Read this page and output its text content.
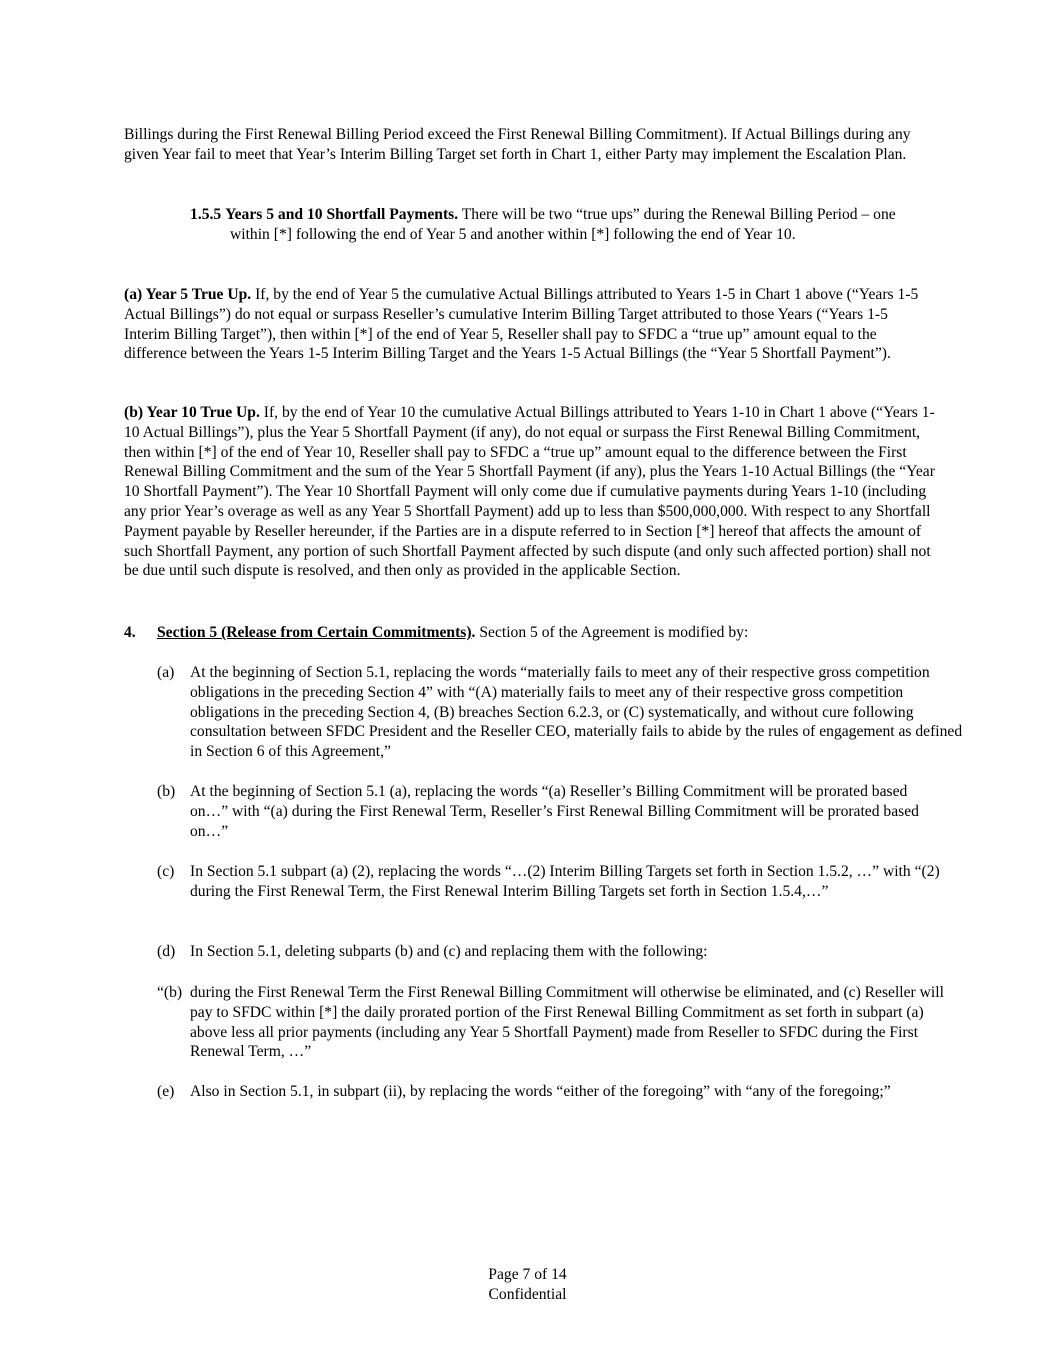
Billings during the First Renewal Billing Period exceed the First Renewal Billing Commitment). If Actual Billings during any given Year fail to meet that Year’s Interim Billing Target set forth in Chart 1, either Party may implement the Escalation Plan.

1.5.5 Years 5 and 10 Shortfall Payments. There will be two “true ups” during the Renewal Billing Period – one within [*] following the end of Year 5 and another within [*] following the end of Year 10.

(a) Year 5 True Up. If, by the end of Year 5 the cumulative Actual Billings attributed to Years 1-5 in Chart 1 above (“Years 1-5 Actual Billings”) do not equal or surpass Reseller’s cumulative Interim Billing Target attributed to those Years (“Years 1-5 Interim Billing Target”), then within [*] of the end of Year 5, Reseller shall pay to SFDC a “true up” amount equal to the difference between the Years 1-5 Interim Billing Target and the Years 1-5 Actual Billings (the “Year 5 Shortfall Payment”).

(b) Year 10 True Up. If, by the end of Year 10 the cumulative Actual Billings attributed to Years 1-10 in Chart 1 above (“Years 1-10 Actual Billings”), plus the Year 5 Shortfall Payment (if any), do not equal or surpass the First Renewal Billing Commitment, then within [*] of the end of Year 10, Reseller shall pay to SFDC a “true up” amount equal to the difference between the First Renewal Billing Commitment and the sum of the Year 5 Shortfall Payment (if any), plus the Years 1-10 Actual Billings (the “Year 10 Shortfall Payment”). The Year 10 Shortfall Payment will only come due if cumulative payments during Years 1-10 (including any prior Year’s overage as well as any Year 5 Shortfall Payment) add up to less than $500,000,000. With respect to any Shortfall Payment payable by Reseller hereunder, if the Parties are in a dispute referred to in Section [*] hereof that affects the amount of such Shortfall Payment, any portion of such Shortfall Payment affected by such dispute (and only such affected portion) shall not be due until such dispute is resolved, and then only as provided in the applicable Section.

4. Section 5 (Release from Certain Commitments). Section 5 of the Agreement is modified by:

(a) At the beginning of Section 5.1, replacing the words “materially fails to meet any of their respective gross competition obligations in the preceding Section 4” with “(A) materially fails to meet any of their respective gross competition obligations in the preceding Section 4, (B) breaches Section 6.2.3, or (C) systematically, and without cure following consultation between SFDC President and the Reseller CEO, materially fails to abide by the rules of engagement as defined in Section 6 of this Agreement,”

(b) At the beginning of Section 5.1 (a), replacing the words “(a) Reseller’s Billing Commitment will be prorated based on…” with “(a) during the First Renewal Term, Reseller’s First Renewal Billing Commitment will be prorated based on…”

(c) In Section 5.1 subpart (a) (2), replacing the words “…(2) Interim Billing Targets set forth in Section 1.5.2, …” with “(2) during the First Renewal Term, the First Renewal Interim Billing Targets set forth in Section 1.5.4,…”

(d) In Section 5.1, deleting subparts (b) and (c) and replacing them with the following:

“(b) during the First Renewal Term the First Renewal Billing Commitment will otherwise be eliminated, and (c) Reseller will pay to SFDC within [*] the daily prorated portion of the First Renewal Billing Commitment as set forth in subpart (a) above less all prior payments (including any Year 5 Shortfall Payment) made from Reseller to SFDC during the First Renewal Term, …”

(e) Also in Section 5.1, in subpart (ii), by replacing the words “either of the foregoing” with “any of the foregoing;”

Page 7 of 14
Confidential
